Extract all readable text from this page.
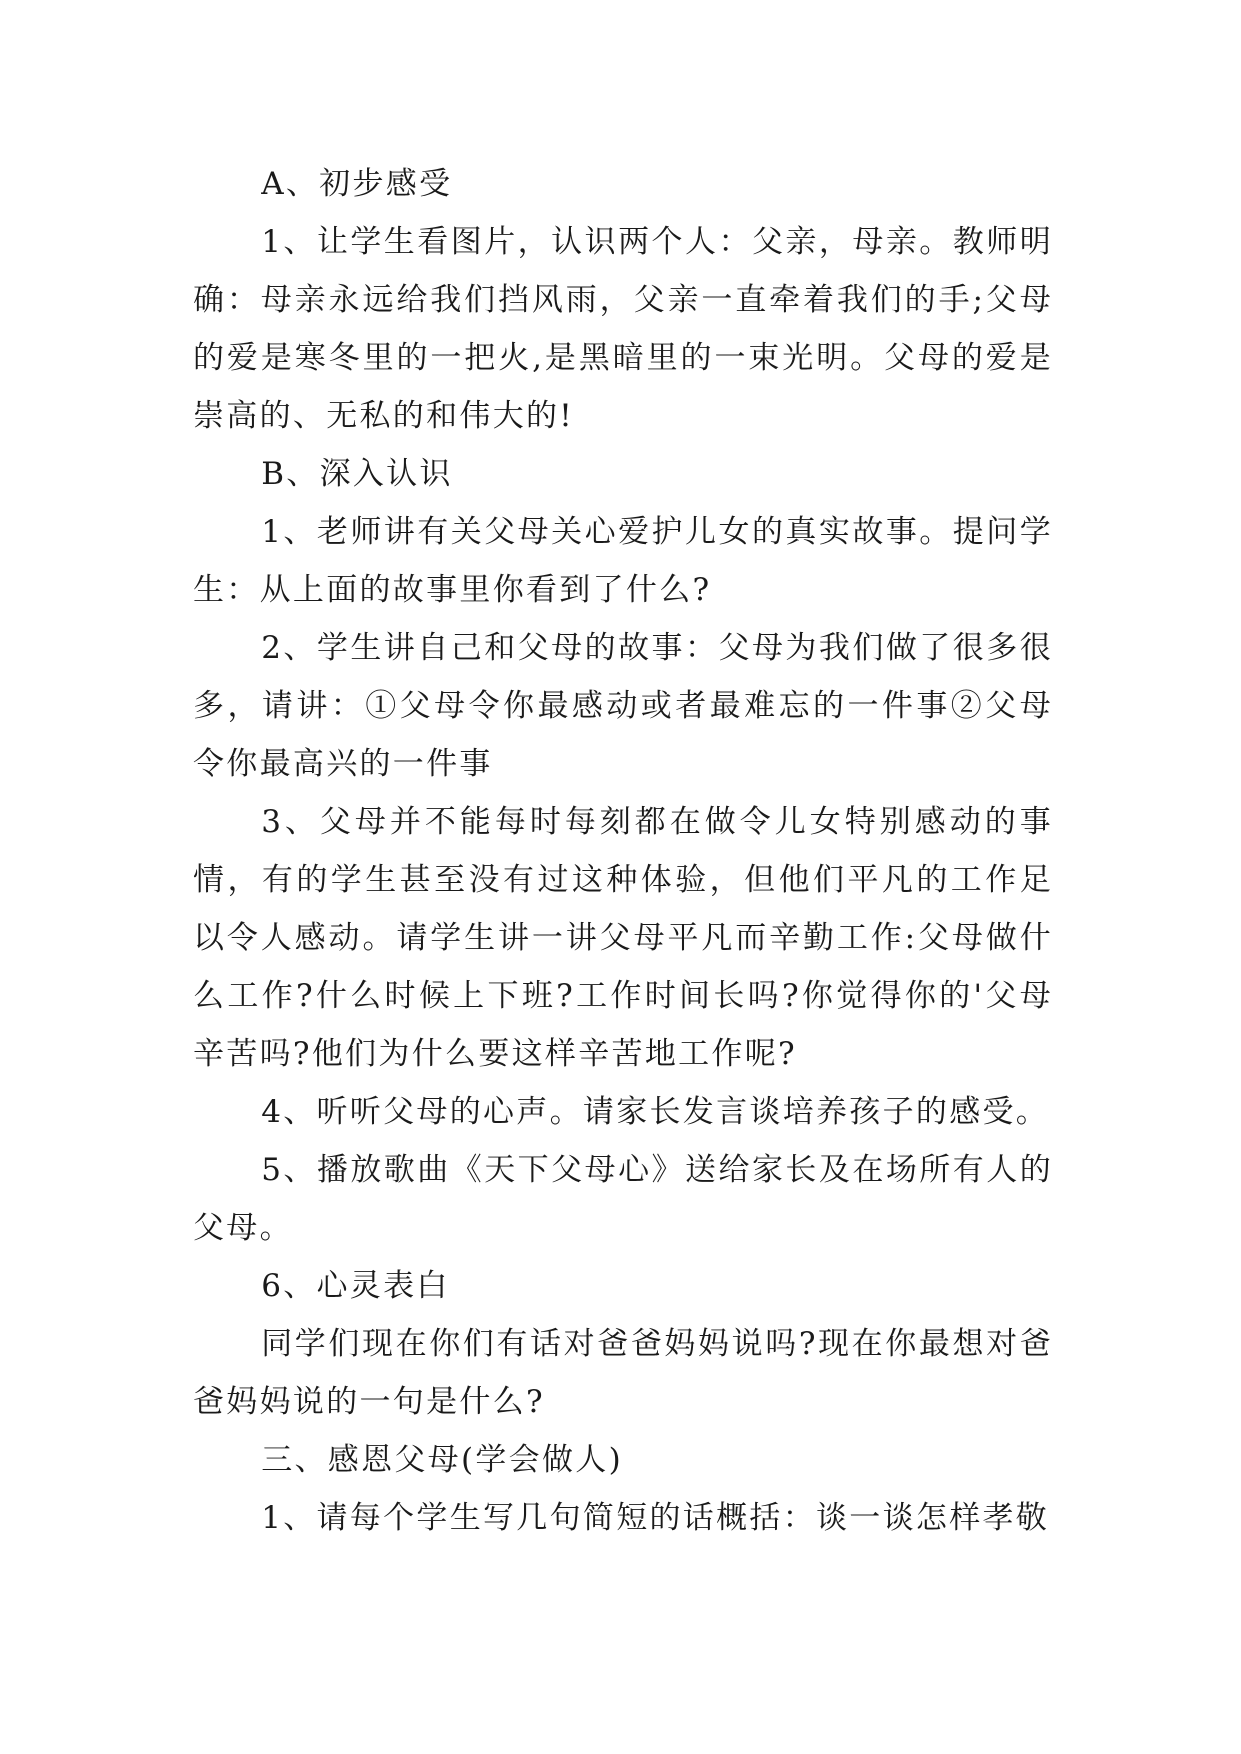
A、初步感受

1、让学生看图片，认识两个人：父亲，母亲。教师明确：母亲永远给我们挡风雨，父亲一直牵着我们的手;父母的爱是寒冬里的一把火,是黑暗里的一束光明。父母的爱是崇高的、无私的和伟大的!

B、深入认识

1、老师讲有关父母关心爱护儿女的真实故事。提问学生：从上面的故事里你看到了什么?

2、学生讲自己和父母的故事：父母为我们做了很多很多，请讲：①父母令你最感动或者最难忘的一件事②父母令你最高兴的一件事

3、父母并不能每时每刻都在做令儿女特别感动的事情，有的学生甚至没有过这种体验，但他们平凡的工作足以令人感动。请学生讲一讲父母平凡而辛勤工作:父母做什么工作?什么时候上下班?工作时间长吗?你觉得你的'父母辛苦吗?他们为什么要这样辛苦地工作呢?

4、听听父母的心声。请家长发言谈培养孩子的感受。

5、播放歌曲《天下父母心》送给家长及在场所有人的父母。

6、心灵表白

同学们现在你们有话对爸爸妈妈说吗?现在你最想对爸爸妈妈说的一句是什么?

三、感恩父母(学会做人)

1、请每个学生写几句简短的话概括：谈一谈怎样孝敬
